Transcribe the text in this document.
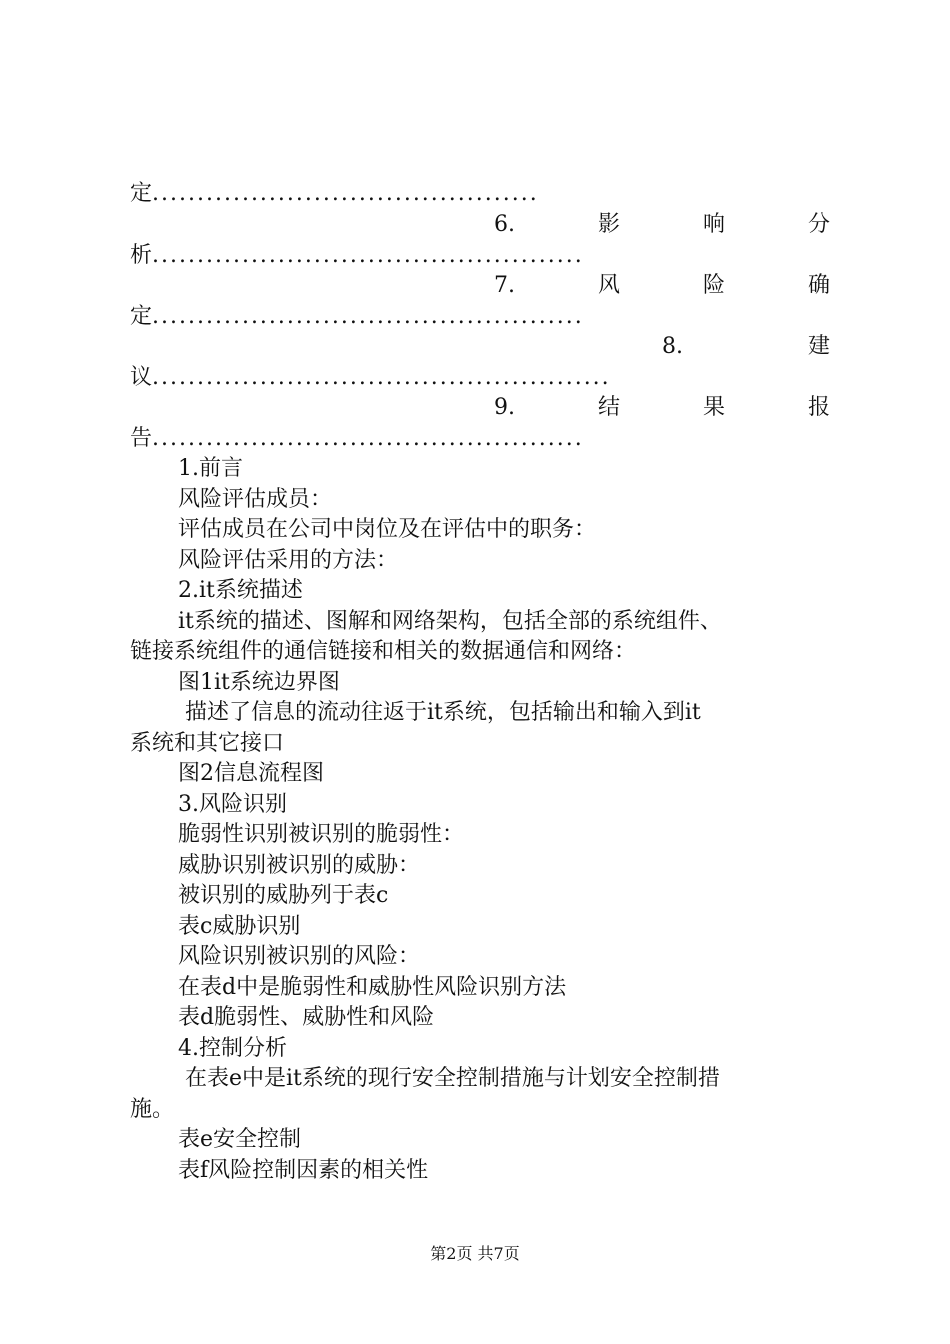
定...........................................
6.	影	响	分
析................................................
7.	风	险	确
定................................................
8.	建
议...................................................
9.	结	果	报
告................................................
1.前言
风险评估成员：
评估成员在公司中岗位及在评估中的职务：
风险评估采用的方法：
2.it系统描述
it系统的描述、图解和网络架构，包括全部的系统组件、
链接系统组件的通信链接和相关的数据通信和网络：
图1it系统边界图
描述了信息的流动往返于it系统，包括输出和输入到it
系统和其它接口
图2信息流程图
3.风险识别
脆弱性识别被识别的脆弱性：
威胁识别被识别的威胁：
被识别的威胁列于表c
表c威胁识别
风险识别被识别的风险：
在表d中是脆弱性和威胁性风险识别方法
表d脆弱性、威胁性和风险
4.控制分析
在表e中是it系统的现行安全控制措施与计划安全控制措
施。
表e安全控制
表f风险控制因素的相关性
第2页 共7页
